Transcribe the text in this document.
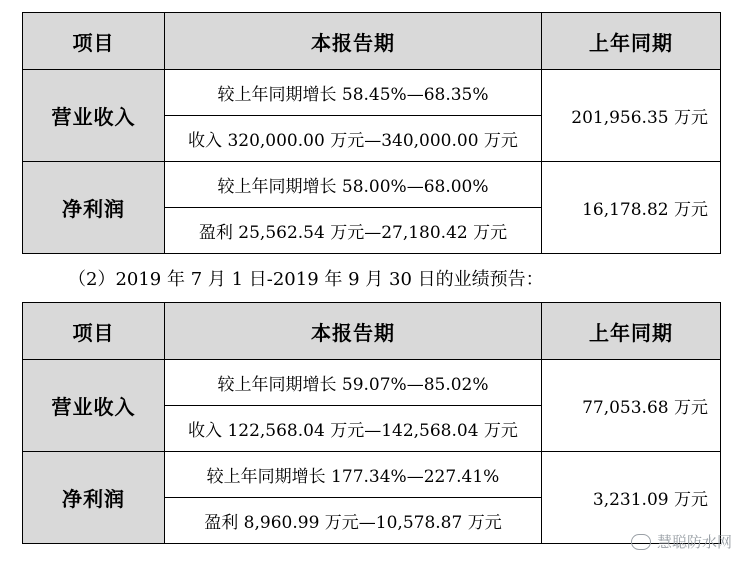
项目	本报告期	上年同期
营业收入	较上年同期增长 58.45%—68.35%	201,956.35 万元
	收入 320,000.00 万元—340,000.00 万元	
净利润	较上年同期增长 58.00%—68.00%	16,178.82 万元
	盈利 25,562.54 万元—27,180.42 万元	
（2）2019 年 7 月 1 日-2019 年 9 月 30 日的业绩预告：
项目	本报告期	上年同期
营业收入	较上年同期增长 59.07%—85.02%	77,053.68 万元
	收入 122,568.04 万元—142,568.04 万元	
净利润	较上年同期增长 177.34%—227.41%	3,231.09 万元
	盈利 8,960.99 万元—10,578.87 万元	
慧聪防水网
